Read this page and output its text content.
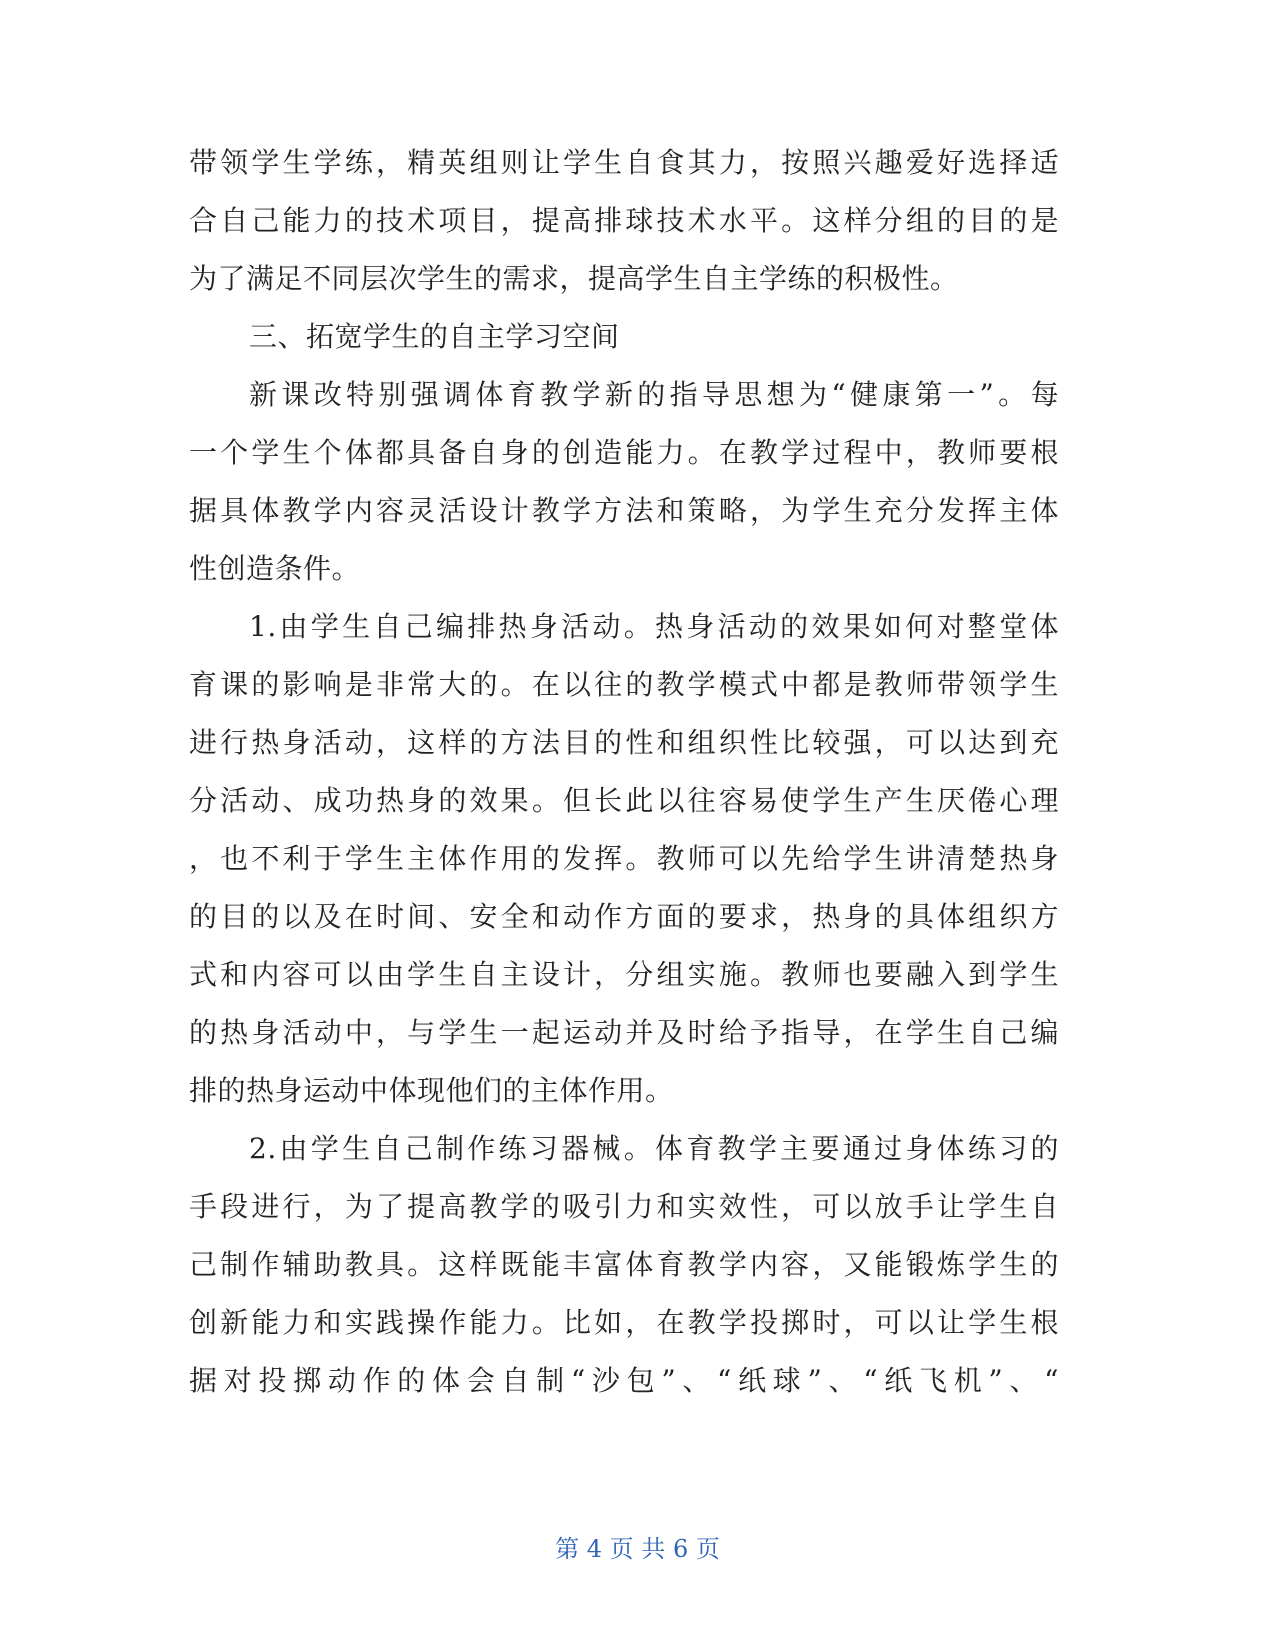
带领学生学练，精英组则让学生自食其力，按照兴趣爱好选择适
合自己能力的技术项目，提高排球技术水平。这样分组的目的是
为了满足不同层次学生的需求，提高学生自主学练的积极性。
三、拓宽学生的自主学习空间
新课改特别强调体育教学新的指导思想为“健康第一”。每
一个学生个体都具备自身的创造能力。在教学过程中，教师要根
据具体教学内容灵活设计教学方法和策略，为学生充分发挥主体
性创造条件。
1.由学生自己编排热身活动。热身活动的效果如何对整堂体
育课的影响是非常大的。在以往的教学模式中都是教师带领学生
进行热身活动，这样的方法目的性和组织性比较强，可以达到充
分活动、成功热身的效果。但长此以往容易使学生产生厌倦心理
，也不利于学生主体作用的发挥。教师可以先给学生讲清楚热身
的目的以及在时间、安全和动作方面的要求，热身的具体组织方
式和内容可以由学生自主设计，分组实施。教师也要融入到学生
的热身活动中，与学生一起运动并及时给予指导，在学生自己编
排的热身运动中体现他们的主体作用。
2.由学生自己制作练习器械。体育教学主要通过身体练习的
手段进行，为了提高教学的吸引力和实效性，可以放手让学生自
己制作辅助教具。这样既能丰富体育教学内容，又能锻炼学生的
创新能力和实践操作能力。比如，在教学投掷时，可以让学生根
据对投掷动作的体会自制“沙包”、“纸球”、“纸飞机”、“
第 4 页 共 6 页
